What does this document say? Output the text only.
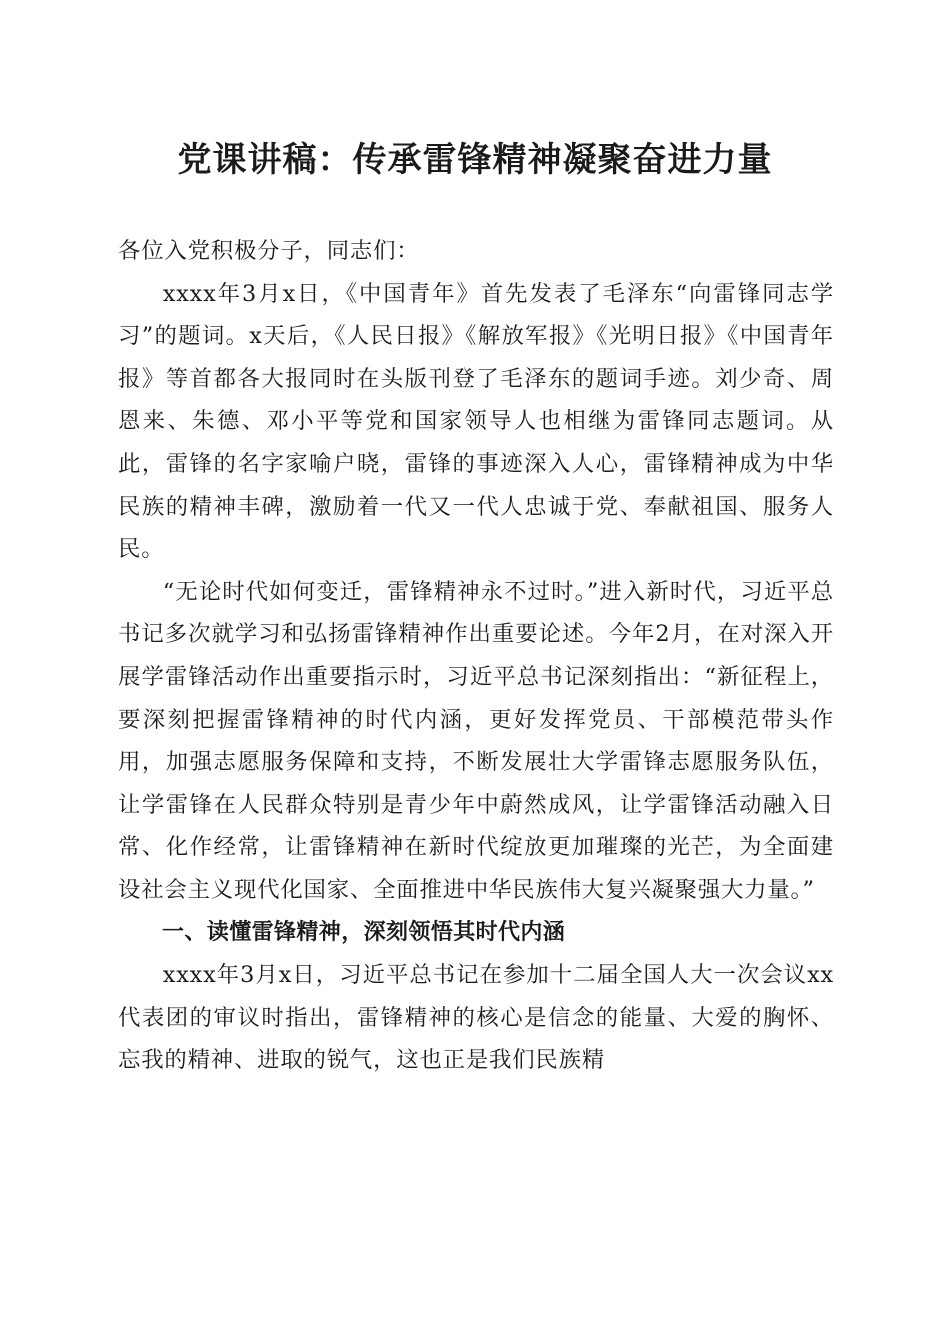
党课讲稿：传承雷锋精神凝聚奋进力量

各位入党积极分子，同志们：

xxxx年3月x日，《中国青年》首先发表了毛泽东“向雷锋同志学习”的题词。x天后，《人民日报》《解放军报》《光明日报》《中国青年报》等首都各大报同时在头版刊登了毛泽东的题词手迹。刘少奇、周恩来、朱德、邓小平等党和国家领导人也相继为雷锋同志题词。从此，雷锋的名字家喻户晓，雷锋的事迹深入人心，雷锋精神成为中华民族的精神丰碑，激励着一代又一代人忠诚于党、奉献祖国、服务人民。

“无论时代如何变迁，雷锋精神永不过时。”进入新时代，习近平总书记多次就学习和弘扬雷锋精神作出重要论述。今年2月，在对深入开展学雷锋活动作出重要指示时，习近平总书记深刻指出：“新征程上，要深刻把握雷锋精神的时代内涵，更好发挥党员、干部模范带头作用，加强志愿服务保障和支持，不断发展壮大学雷锋志愿服务队伍，让学雷锋在人民群众特别是青少年中蔚然成风，让学雷锋活动融入日常、化作经常，让雷锋精神在新时代绽放更加璀璨的光芒，为全面建设社会主义现代化国家、全面推进中华民族伟大复兴凝聚强大力量。”

一、读懂雷锋精神，深刻领悟其时代内涵

xxxx年3月x日，习近平总书记在参加十二届全国人大一次会议xx代表团的审议时指出，雷锋精神的核心是信念的能量、大爱的胸怀、忘我的精神、进取的锐气，这也正是我们民族精
